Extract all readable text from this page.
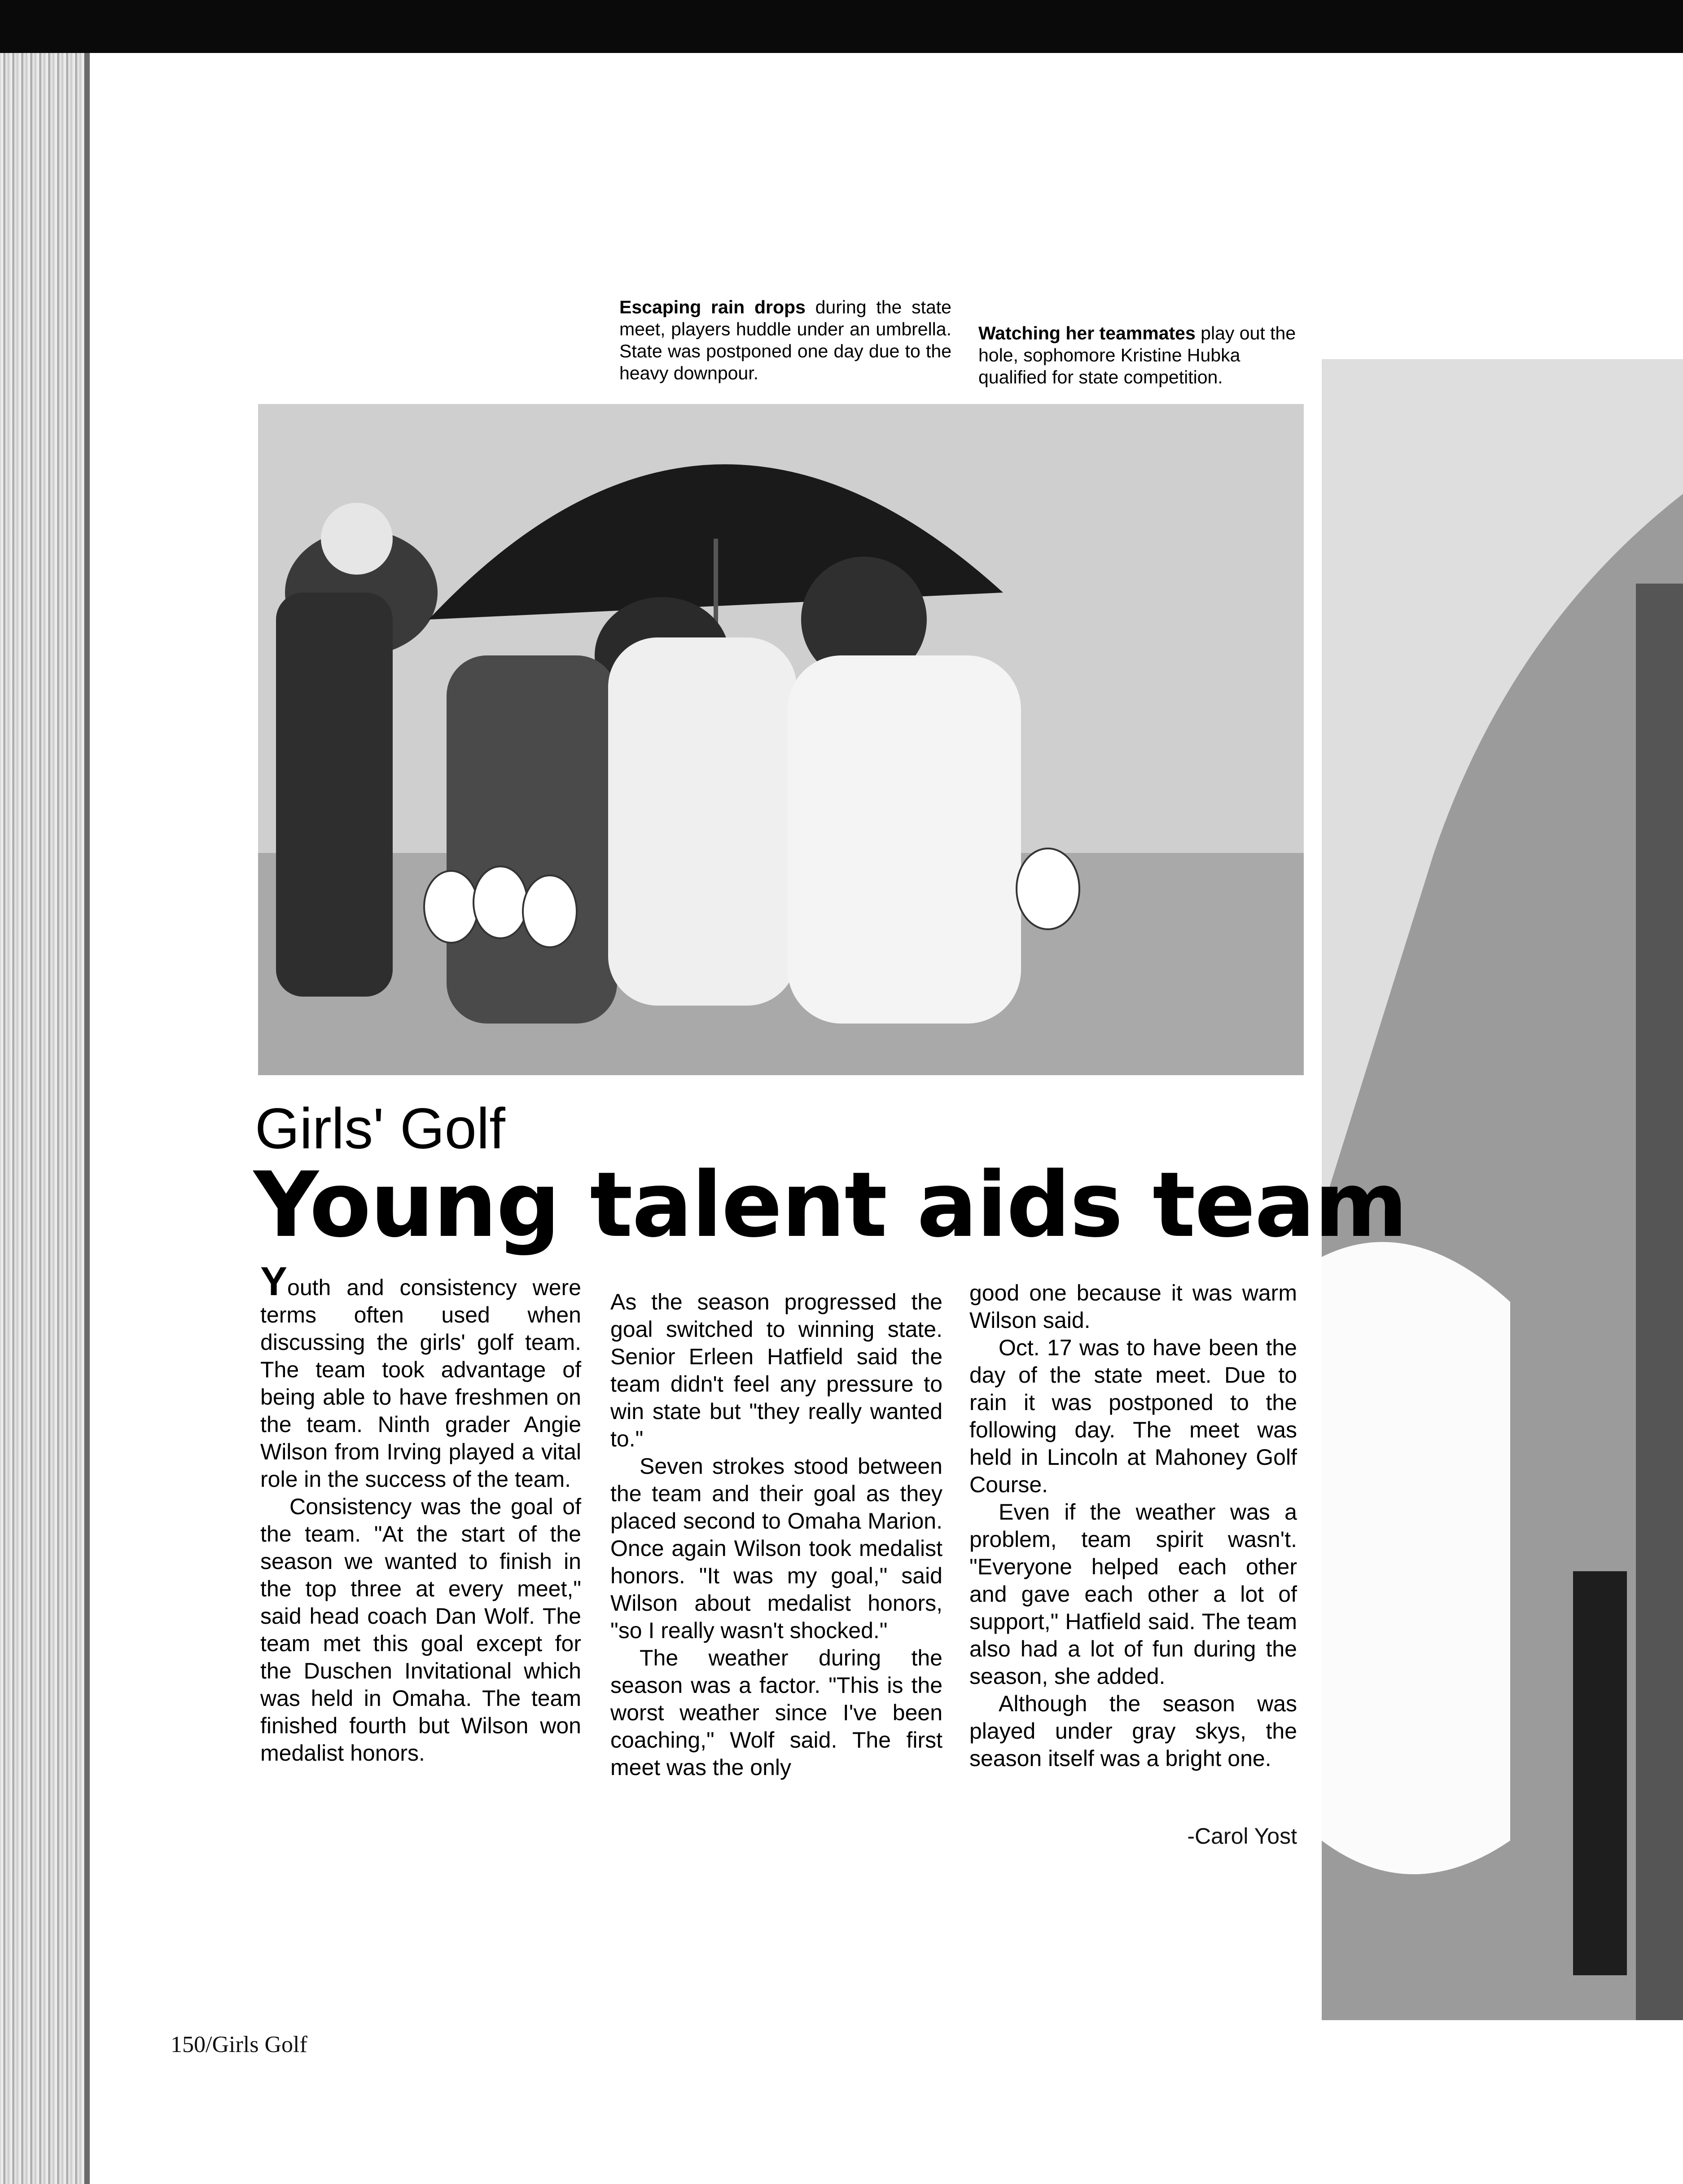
Escaping rain drops during the state meet, players huddle under an umbrella. State was postponed one day due to the heavy downpour.
Watching her teammates play out the hole, sophomore Kristine Hubka qualified for state competition.
Girls' Golf
Young talent aids team

Youth and consistency were terms often used when discussing the girls' golf team. The team took advantage of being able to have freshmen on the team. Ninth grader Angie Wilson from Irving played a vital role in the success of the team.

Consistency was the goal of the team. "At the start of the season we wanted to finish in the top three at every meet," said head coach Dan Wolf. The team met this goal except for the Duschen Invitational which was held in Omaha. The team finished fourth but Wilson won medalist honors.

As the season progressed the goal switched to winning state. Senior Erleen Hatfield said the team didn't feel any pressure to win state but "they really wanted to."

Seven strokes stood between the team and their goal as they placed second to Omaha Marion. Once again Wilson took medalist honors. "It was my goal," said Wilson about medalist honors, "so I really wasn't shocked."

The weather during the season was a factor. "This is the worst weather since I've been coaching," Wolf said. The first meet was the only

good one because it was warm Wilson said.

Oct. 17 was to have been the day of the state meet. Due to rain it was postponed to the following day. The meet was held in Lincoln at Mahoney Golf Course.

Even if the weather was a problem, team spirit wasn't. "Everyone helped each other and gave each other a lot of support," Hatfield said. The team also had a lot of fun during the season, she added.

Although the season was played under gray skys, the season itself was a bright one.

-Carol Yost
150/Girls Golf
